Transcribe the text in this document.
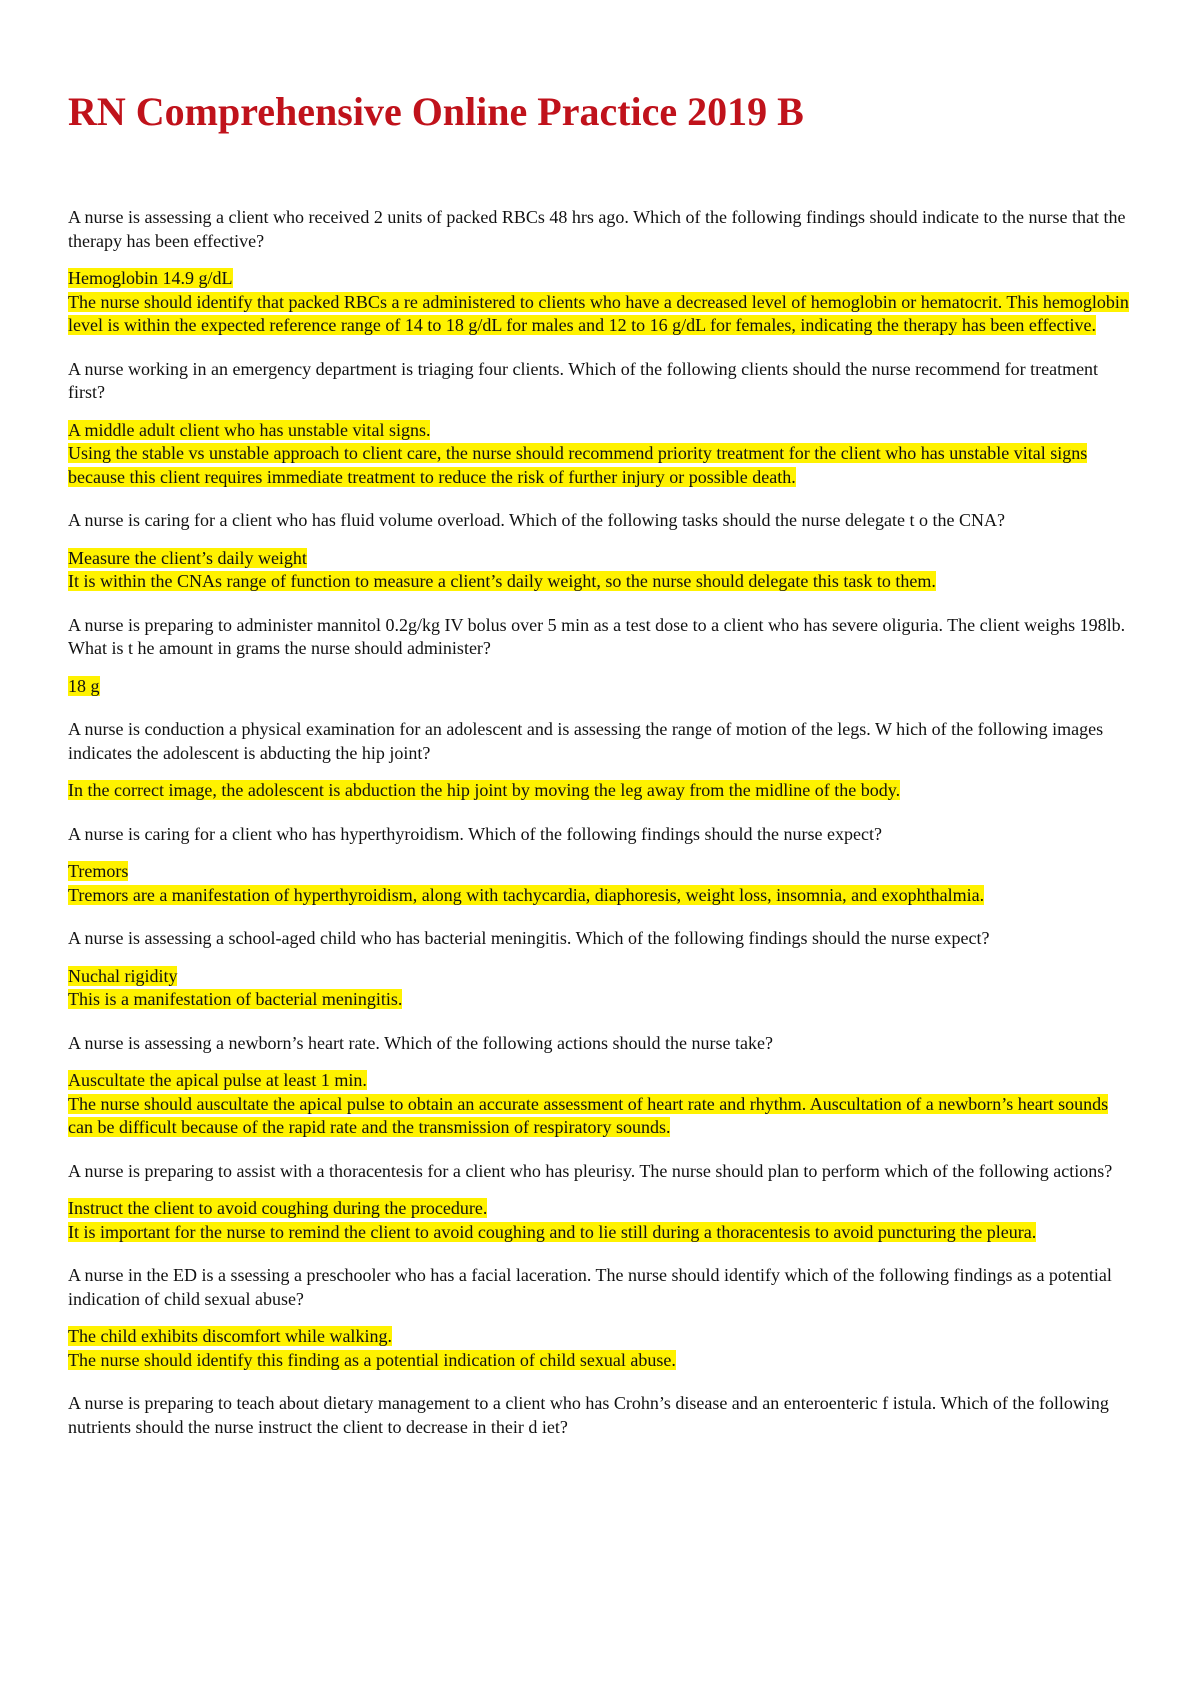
RN Comprehensive Online Practice 2019 B

A nurse is assessing a client who received 2 units of packed RBCs 48 hrs ago. Which of the following findings should indicate to the nurse that the therapy has been effective?

Hemoglobin 14.9 g/dL
The nurse should identify that packed RBCs a re administered to clients who have a decreased level of hemoglobin or hematocrit. This hemoglobin level is within the expected reference range of 14 to 18 g/dL for males and 12 to 16 g/dL for females, indicating the therapy has been effective.

A nurse working in an emergency department is triaging four clients. Which of the following clients should the nurse recommend for treatment first?

A middle adult client who has unstable vital signs.
Using the stable vs unstable approach to client care, the nurse should recommend priority treatment for the client who has unstable vital signs because this client requires immediate treatment to reduce the risk of further injury or possible death.

A nurse is caring for a client who has fluid volume overload. Which of the following tasks should the nurse delegate t o the CNA?

Measure the client’s daily weight
It is within the CNAs range of function to measure a client’s daily weight, so the nurse should delegate this task to them.

A nurse is preparing to administer mannitol 0.2g/kg IV bolus over 5 min as a test dose to a client who has severe oliguria. The client weighs 198lb. What is t he amount in grams the nurse should administer?

18 g

A nurse is conduction a physical examination for an adolescent and is assessing the range of motion of the legs. W hich of the following images indicates the adolescent is abducting the hip joint?

In the correct image, the adolescent is abduction the hip joint by moving the leg away from the midline of the body.

A nurse is caring for a client who has hyperthyroidism. Which of the following findings should the nurse expect?

Tremors
Tremors are a manifestation of hyperthyroidism, along with tachycardia, diaphoresis, weight loss, insomnia, and exophthalmia.

A nurse is assessing a school-aged child who has bacterial meningitis. Which of the following findings should the nurse expect?

Nuchal rigidity
This is a manifestation of bacterial meningitis.

A nurse is assessing a newborn’s heart rate. Which of the following actions should the nurse take?

Auscultate the apical pulse at least 1 min.
The nurse should auscultate the apical pulse to obtain an accurate assessment of heart rate and rhythm. Auscultation of a newborn’s heart sounds can be difficult because of the rapid rate and the transmission of respiratory sounds.

A nurse is preparing to assist with a thoracentesis for a client who has pleurisy. The nurse should plan to perform which of the following actions?

Instruct the client to avoid coughing during the procedure.
It is important for the nurse to remind the client to avoid coughing and to lie still during a thoracentesis to avoid puncturing the pleura.

A nurse in the ED is a ssessing a preschooler who has a facial laceration. The nurse should identify which of the following findings as a potential indication of child sexual abuse?

The child exhibits discomfort while walking.
The nurse should identify this finding as a potential indication of child sexual abuse.

A nurse is preparing to teach about dietary management to a client who has Crohn’s disease and an enteroenteric f istula. Which of the following nutrients should the nurse instruct the client to decrease in their d iet?
